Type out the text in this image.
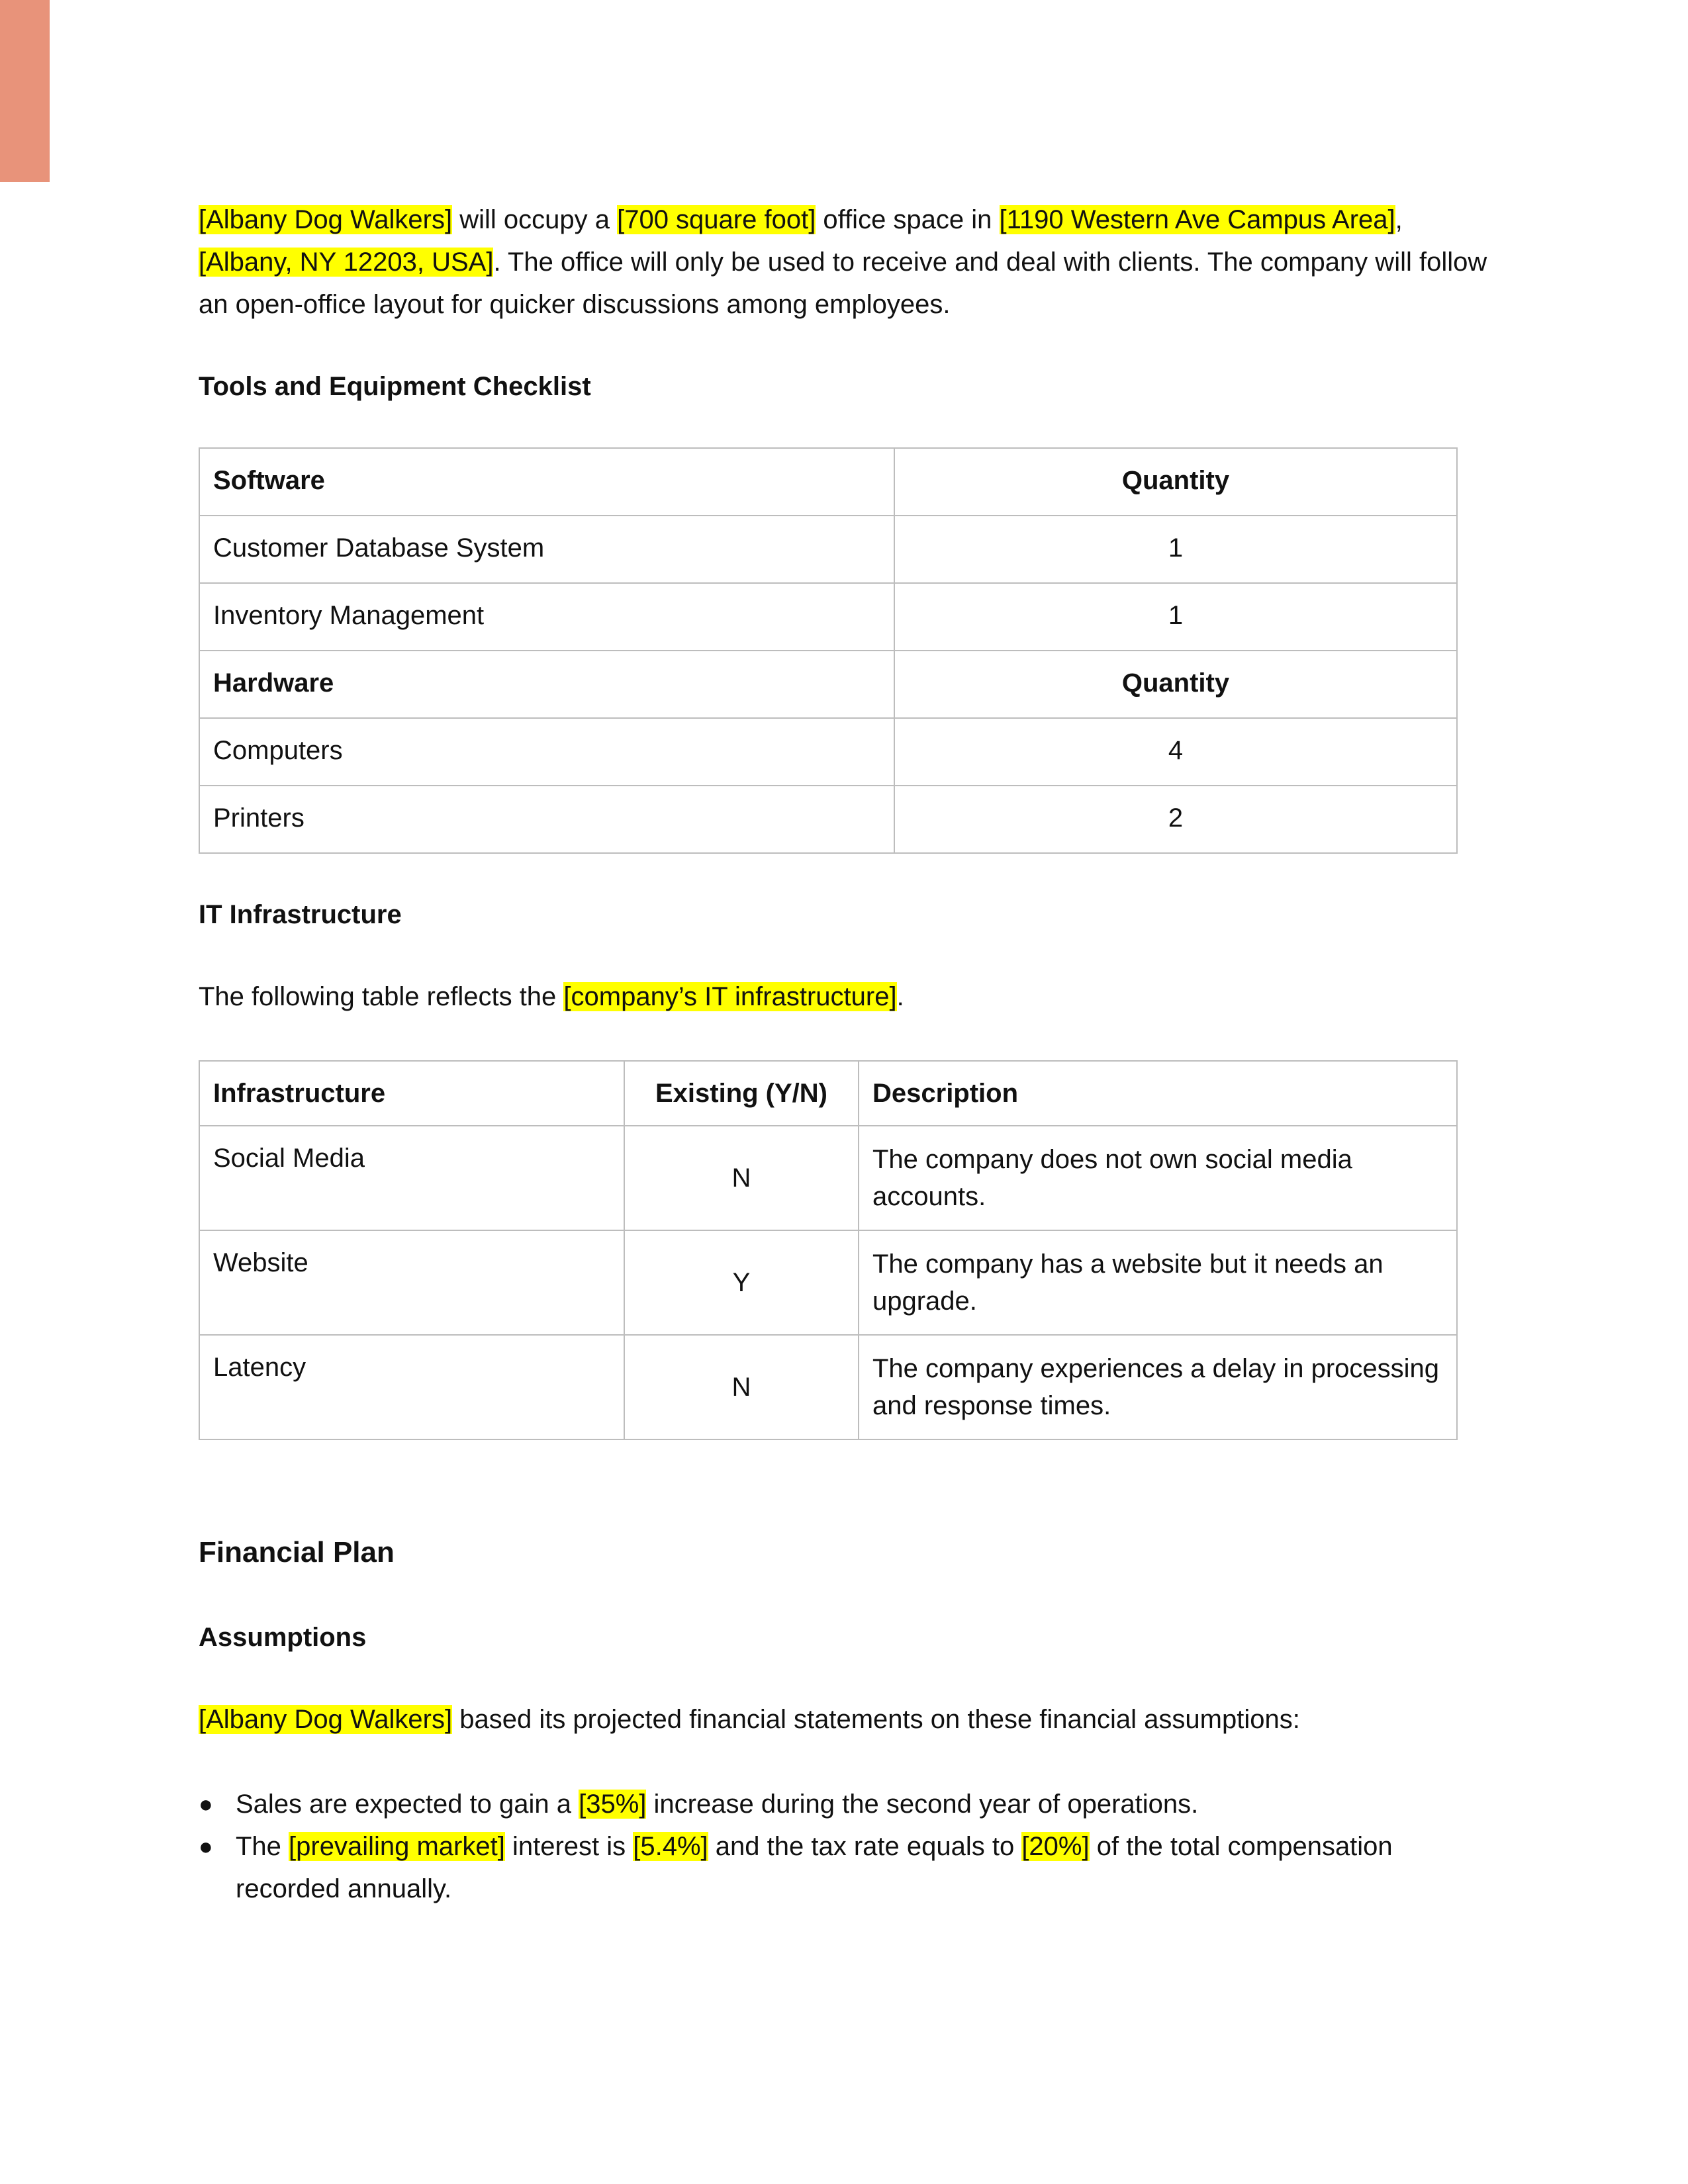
[Albany Dog Walkers] will occupy a [700 square foot] office space in [1190 Western Ave Campus Area], [Albany, NY 12203, USA]. The office will only be used to receive and deal with clients. The company will follow an open-office layout for quicker discussions among employees.

Tools and Equipment Checklist

Software	Quantity
Customer Database System	1
Inventory Management	1
Hardware	Quantity
Computers	4
Printers	2

IT Infrastructure

The following table reflects the [company’s IT infrastructure].

Infrastructure	Existing (Y/N)	Description
Social Media	N	The company does not own social media accounts.
Website	Y	The company has a website but it needs an upgrade.
Latency	N	The company experiences a delay in processing and response times.

Financial Plan

Assumptions

[Albany Dog Walkers] based its projected financial statements on these financial assumptions:

● Sales are expected to gain a [35%] increase during the second year of operations.
● The [prevailing market] interest is [5.4%] and the tax rate equals to [20%] of the total compensation recorded annually.
